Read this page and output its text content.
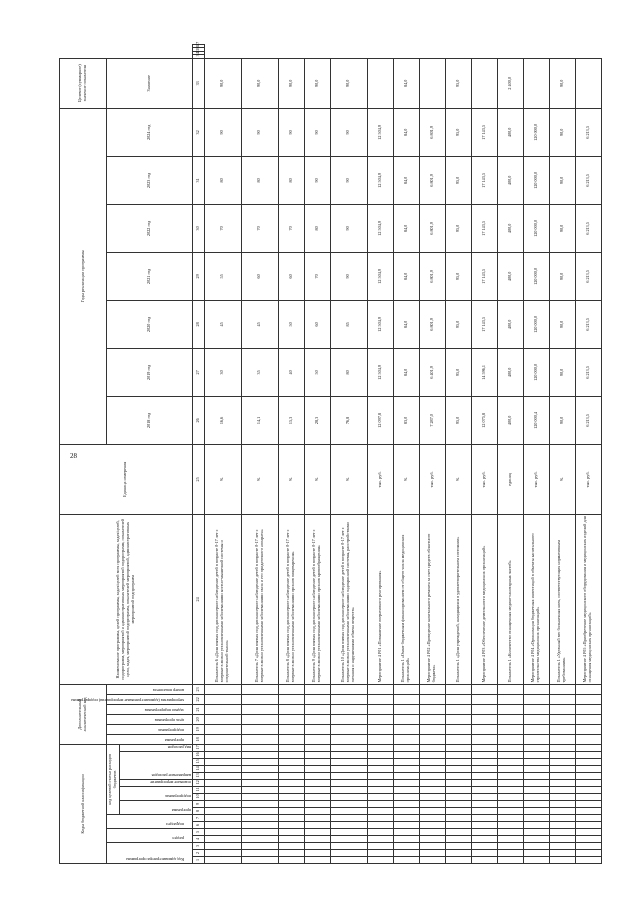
28
Коды бюджетной классификации																	Дополнительный аналитический код						Наименование программы, целей программы, задач/целей всех программы, задач/целей, подпрограмм, мероприятий и административных мероприятий подпрограмм, показателей цели, задач, мероприятий подпрограмм, показателей мероприятий, административных мероприятий подпрограмм	Единица измерения	Годы реализации программы							Целевое (суммарное) значение показателя				

Код администратора программы			раздел		подраздел		код целевой статьи расходов бюджетов										программа	подпрограмма	цель программы	задачи подпрограммы	мероприятия (административные мероприятия) подпрограммы	номер показателя			2018 год	2019 год	2020 год	2021 год	2022 год	2023 год	2024 год	Значение				

							программа		подпрограмма		основное мероприятие	направление расходов				вид расходов																				

1	2	3	4	5	6	7	8	9	10	11	12	13	14	15	16	17	18	19	20	21	22	23	24	25	26	27	28	29	30	31	32	33	34	35	36	37
																							Показатель 6 «Доля взятых под диспансерное наблюдение детей в возрасте 0-17 лет с впервые в жизни установленными заболеваниями костно-мышечной системы и соединительной ткани»	%	16,6	30	45	55	70	80	90	90,0				
																							Показатель 7 «Доля взятых под диспансерное наблюдение детей в возрасте 0-17 лет с впервые в жизни установленными заболеваниями глаза и его придаточного аппарата»	%	14,1	35	45	60	70	80	90	90,0				
																							Показатель 8 «Доля взятых под диспансерное наблюдение детей в возрасте 0-17 лет с впервые в жизни установленными заболеваниями органов пищеварения»	%	15,3	40	50	60	70	80	90	90,0				
																							Показатель 9 «Доля взятых под диспансерное наблюдение детей в возрасте 0-17 лет с впервые в жизни установленными заболеваниями органов кровообращения»	%	28,3	50	60	70	80	90	90	90,0				
																							Показатель 10 «Доля взятых под диспансерное наблюдение детей в возрасте 0-17 лет с впервые в жизни установленными заболеваниями эндокринной системы, расстройствами питания и нарушениями обмена веществ»	%	76,8	80	85	90	90	90	90	90,0				
																							Мероприятие 4 Р01 «Повышение оперативного реагирования»	тыс. руб.	12 097,8	12 504,9	12 504,9	12 504,9	12 504,9	12 504,9	12 504,9					
																							Показатель 1 «Охват бюджетным финансированием от общего числа медицинских организаций»	%	83,0	84,0	84,0	84,0	84,0	84,0	84,0	84,0				
																							Мероприятие 4 Р02 «Проведение капитального ремонта за счет средств областного бюджета»	тыс. руб.	7 287,0	6 401,9	6 801,9	6 801,9	6 801,9	6 801,9	6 801,9					
																							Показатель 1 «Доля учреждений, находящихся в удовлетворительном состоянии»	%	95,0	95,0	95,0	95,0	95,0	95,0	95,0	95,0				
																							Мероприятие 4 Р03 «Обеспечение деятельности медицинских организаций»	тыс. руб.	12 075,8	14 596,1	17 143,5	17 143,5	17 143,5	17 143,5	17 143,5					
																							Показатель 1 «Количество оснащенных медико-санитарных частей»	единиц	400,0	400,0	400,0	400,0	400,0	400,0	400,0	2 400,0				
																							Мероприятие 4 Р04 «Организация бюджетных инвестиций в объекты капитального строительства медицинских организаций»	тыс. руб.	120 000,4	120 000,0	120 000,0	120 000,0	120 000,0	120 000,0	120 000,0					
																							Показатель 1 «Удельный вес больничных коек, соответствующих нормативным требованиям»	%	90,0	90,0	90,0	90,0	90,0	90,0	90,0	90,0				
																							Мероприятие 4 Р05 «Приобретение медицинского оборудования и медицинских изделий для оснащения медицинских организаций»	тыс. руб.	6 213,5	6 213,5	6 213,5	6 213,5	6 213,5	6 213,5	6 213,5					
